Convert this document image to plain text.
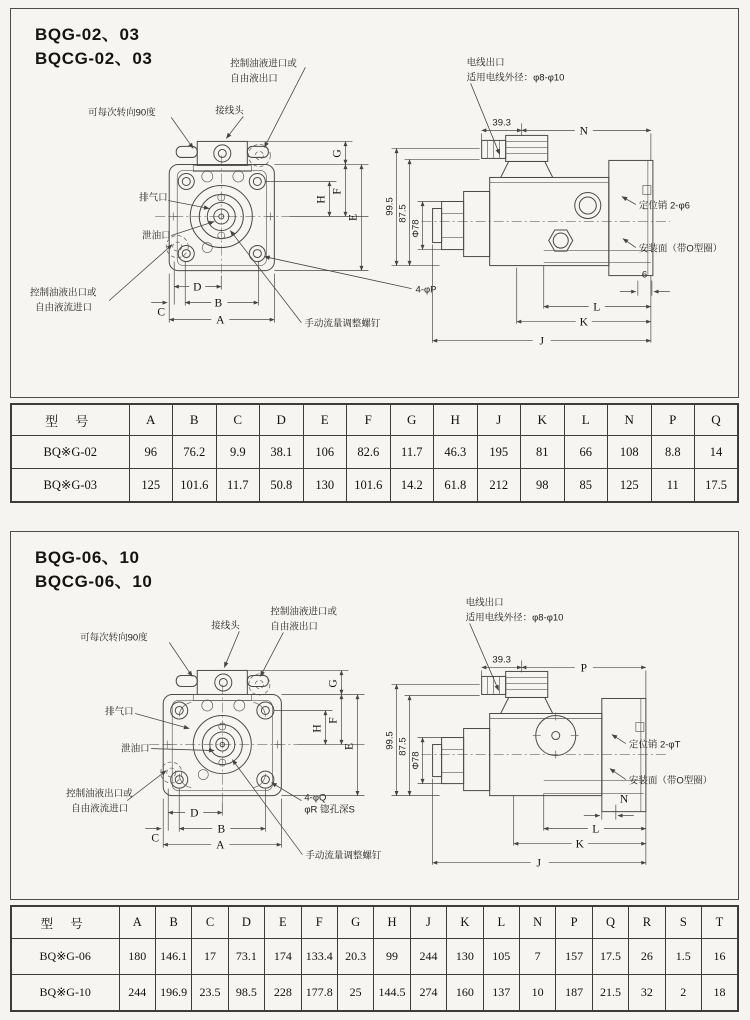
BQG-02、03
BQCG-02、03
可每次转向90度	接线头
控制油液进口或
自由液出口
排气口
泄油口
控制油液出口或
自由液流进口
4-φP
手动流量调整螺钉
D
C
B
A
G
H
F
E
电线出口
适用电线外径：φ8-φ10
39.3
N
99.5 87.5
Φ78
定位销 2-φ6
安装面（带O型圈）
6
L
K
J
型 号	A	B	C	D	E	F	G	H	J	K	L	N	P	Q
BQ※G-02	96	76.2	9.9	38.1	106	82.6	11.7	46.3	195	81	66	108	8.8	14
BQ※G-03	125	101.6	11.7	50.8	130	101.6	14.2	61.8	212	98	85	125	11	17.5
BQG-06、10
BQCG-06、10
可每次转向90度
接线头
控制油液进口或
自由液出口
排气口
泄油口
控制油液出口或
自由液流进口
4-φQ
φR 锪孔深S
手动流量调整螺钉
D
C
B
A
G
H
F
E
电线出口
适用电线外径：φ8-φ10
39.3
P
99.5 87.5
Φ78
定位销 2-φT
安装面（带O型圈）
N
L
K
J
型 号	A	B	C	D	E	F	G	H	J	K	L	N	P	Q	R	S	T
BQ※G-06	180	146.1	17	73.1	174	133.4	20.3	99	244	130	105	7	157	17.5	26	1.5	16
BQ※G-10	244	196.9	23.5	98.5	228	177.8	25	144.5	274	160	137	10	187	21.5	32	2	18
